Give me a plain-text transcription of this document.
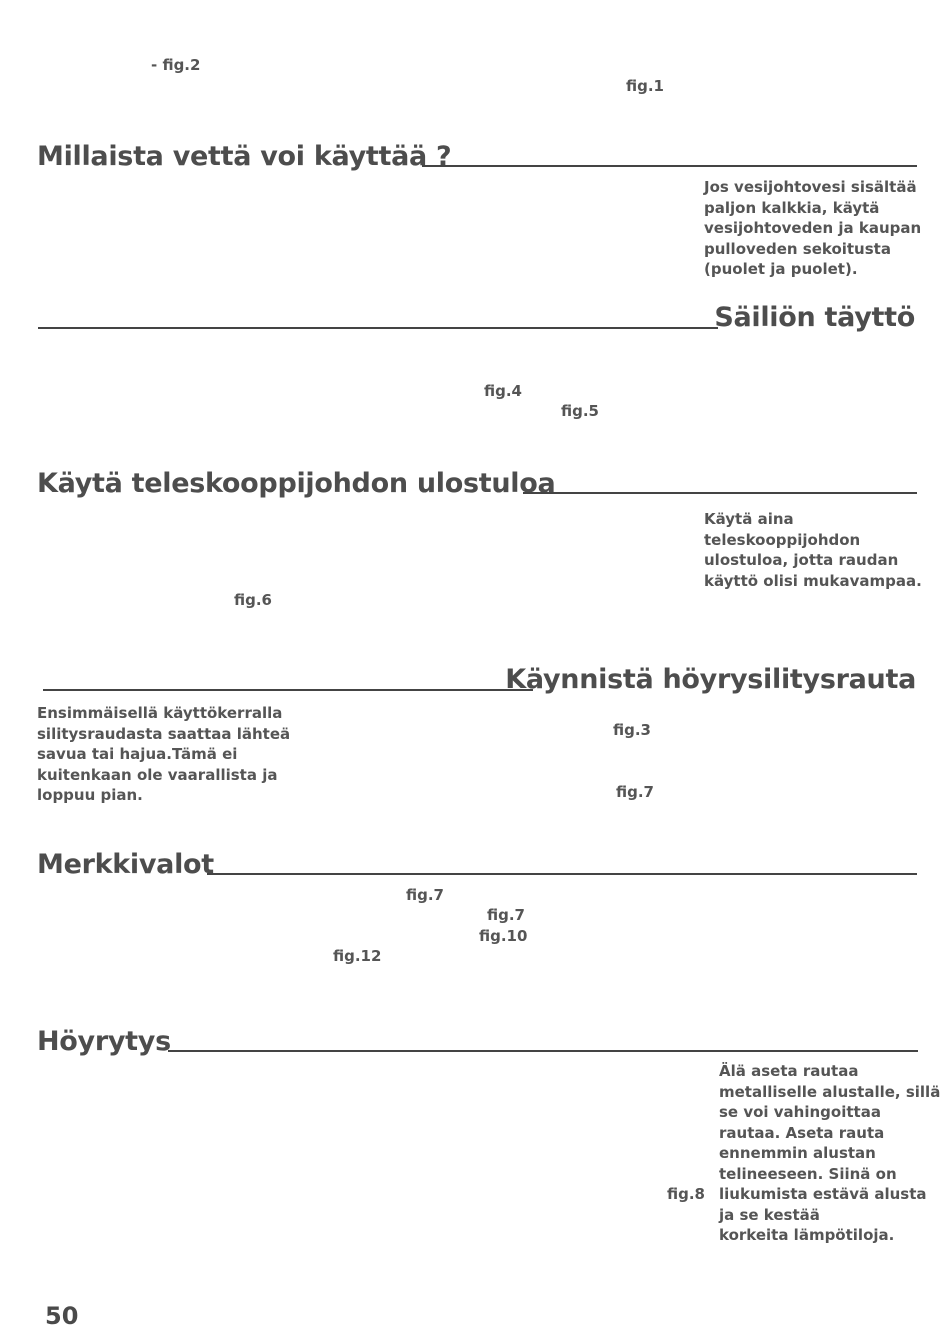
- fig.2
fig.1
Millaista vettä voi käyttää ?
Jos vesijohtovesi sisältää
paljon kalkkia, käytä
vesijohtoveden ja kaupan
pulloveden sekoitusta
(puolet ja puolet).
Säiliön täyttö
fig.4
fig.5
Käytä teleskooppijohdon ulostuloa
Käytä aina
teleskooppijohdon
ulostuloa, jotta raudan
käyttö olisi mukavampaa.
fig.6
Käynnistä höyrysilitysrauta
Ensimmäisellä käyttökerralla
silitysraudasta saattaa lähteä
savua tai hajua.Tämä ei
kuitenkaan ole vaarallista ja
loppuu pian.
fig.3
fig.7
Merkkivalot
fig.7
fig.7
fig.10
fig.12
Höyrytys
Älä aseta rautaa
metalliselle alustalle, sillä
se voi vahingoittaa
rautaa. Aseta rauta
ennemmin alustan
telineeseen. Siinä on
liukumista estävä alusta
ja se kestää
korkeita lämpötiloja.
fig.8
50
